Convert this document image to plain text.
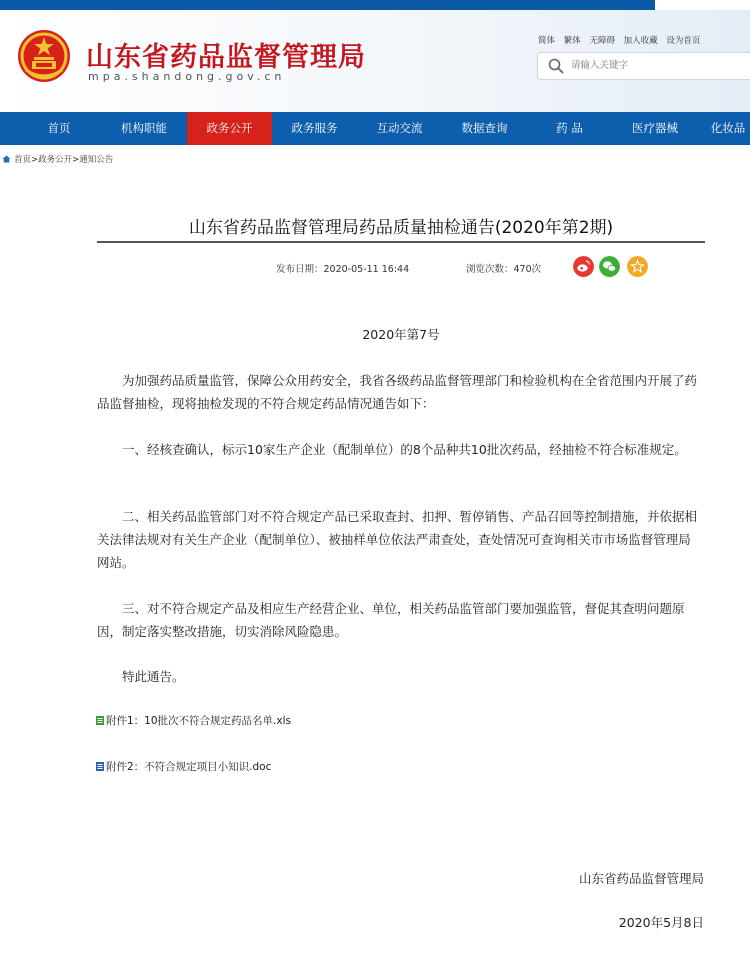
山东省药品监督管理局
mpa.shandong.gov.cn
简体 繁体 无障碍 加入收藏 设为首页
请输入关键字
首页	机构职能	政务公开	政务服务	互动交流	数据查询	药 品	医疗器械	化妆品
首页>政务公开>通知公告
山东省药品监督管理局药品质量抽检通告(2020年第2期)
发布日期：2020-05-11 16:44	浏览次数：470次
2020年第7号

为加强药品质量监管，保障公众用药安全，我省各级药品监督管理部门和检验机构在全省范围内开展了药品监督抽检，现将抽检发现的不符合规定药品情况通告如下：

一、经核查确认，标示10家生产企业（配制单位）的8个品种共10批次药品，经抽检不符合标准规定。

二、相关药品监管部门对不符合规定产品已采取查封、扣押、暂停销售、产品召回等控制措施，并依据相关法律法规对有关生产企业（配制单位）、被抽样单位依法严肃查处，查处情况可查询相关市市场监督管理局网站。

三、对不符合规定产品及相应生产经营企业、单位，相关药品监管部门要加强监管，督促其查明问题原因，制定落实整改措施，切实消除风险隐患。

特此通告。

附件1：10批次不符合规定药品名单.xls
附件2：不符合规定项目小知识.doc
山东省药品监督管理局
2020年5月8日
